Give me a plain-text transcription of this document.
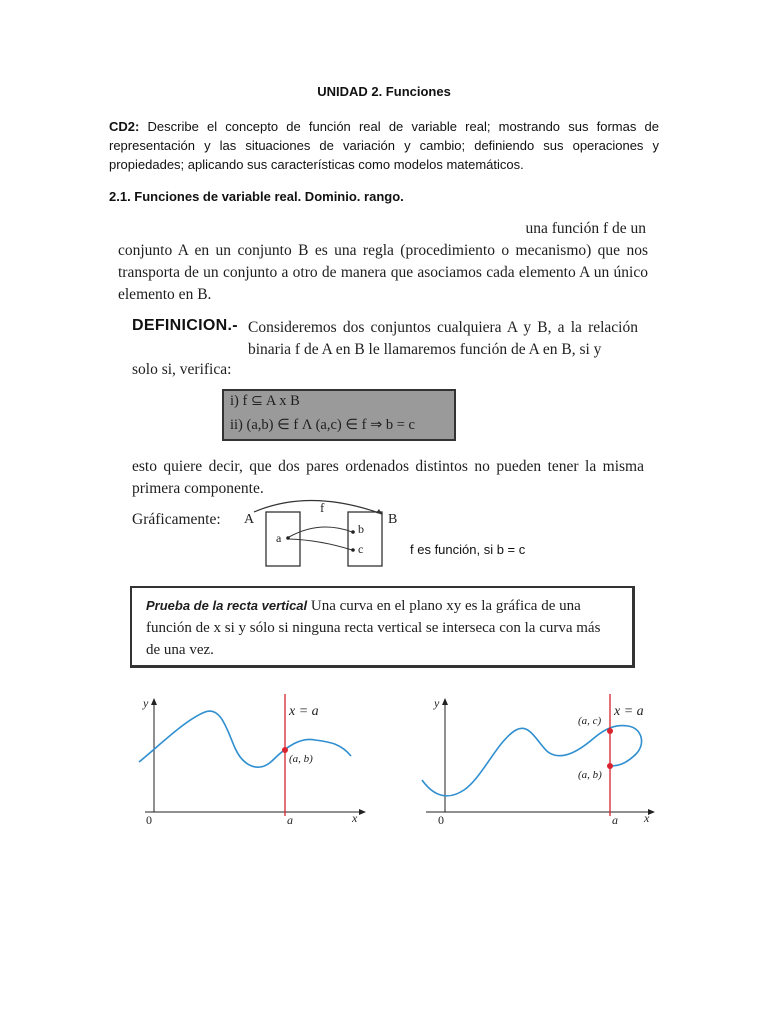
UNIDAD 2. Funciones
CD2: Describe el concepto de función real de variable real; mostrando sus formas de representación y las situaciones de variación y cambio; definiendo sus operaciones y propiedades; aplicando sus características como modelos matemáticos.
2.1. Funciones de variable real. Dominio. rango.
una función f de un
conjunto A en un conjunto B es una regla (procedimiento o mecanismo) que nos transporta de un conjunto a otro de manera que asociamos cada elemento A un único elemento en B.
DEFINICION.- Consideremos dos conjuntos cualquiera A y B, a la relación binaria f de A en B le llamaremos función de A en B, si y
solo si, verifica:
i) f ⊆ A x B
ii) (a,b) ∈ f Λ (a,c) ∈ f ⇒ b = c
esto quiere decir, que dos pares ordenados distintos no pueden tener la misma primera componente.
Gráficamente: A	B
f
a
b
c	f es función, si b = c
Prueba de la recta vertical Una curva en el plano xy es la gráfica de una función de x si y sólo si ninguna recta vertical se interseca con la curva más de una vez.
y
x
0
x = a
(a, b)
a
y
x
0
x = a
(a, c)
(a, b)
a
